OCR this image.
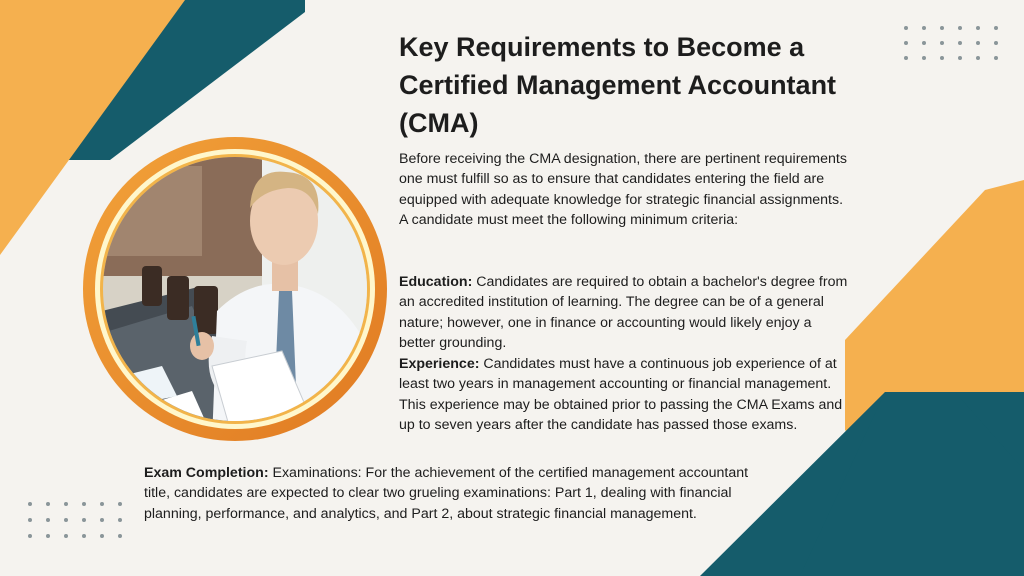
Key Requirements to Become a Certified Management Accountant (CMA)

Before receiving the CMA designation, there are pertinent requirements one must fulfill so as to ensure that candidates entering the field are equipped with adequate knowledge for strategic financial assignments. A candidate must meet the following minimum criteria:

Education: Candidates are required to obtain a bachelor's degree from an accredited institution of learning. The degree can be of a general nature; however, one in finance or accounting would likely enjoy a better grounding.

Experience: Candidates must have a continuous job experience of at least two years in management accounting or financial management. This experience may be obtained prior to passing the CMA Exams and up to seven years after the candidate has passed those exams.

Exam Completion: Examinations: For the achievement of the certified management accountant title, candidates are expected to clear two grueling examinations: Part 1, dealing with financial planning, performance, and analytics, and Part 2, about strategic financial management.
